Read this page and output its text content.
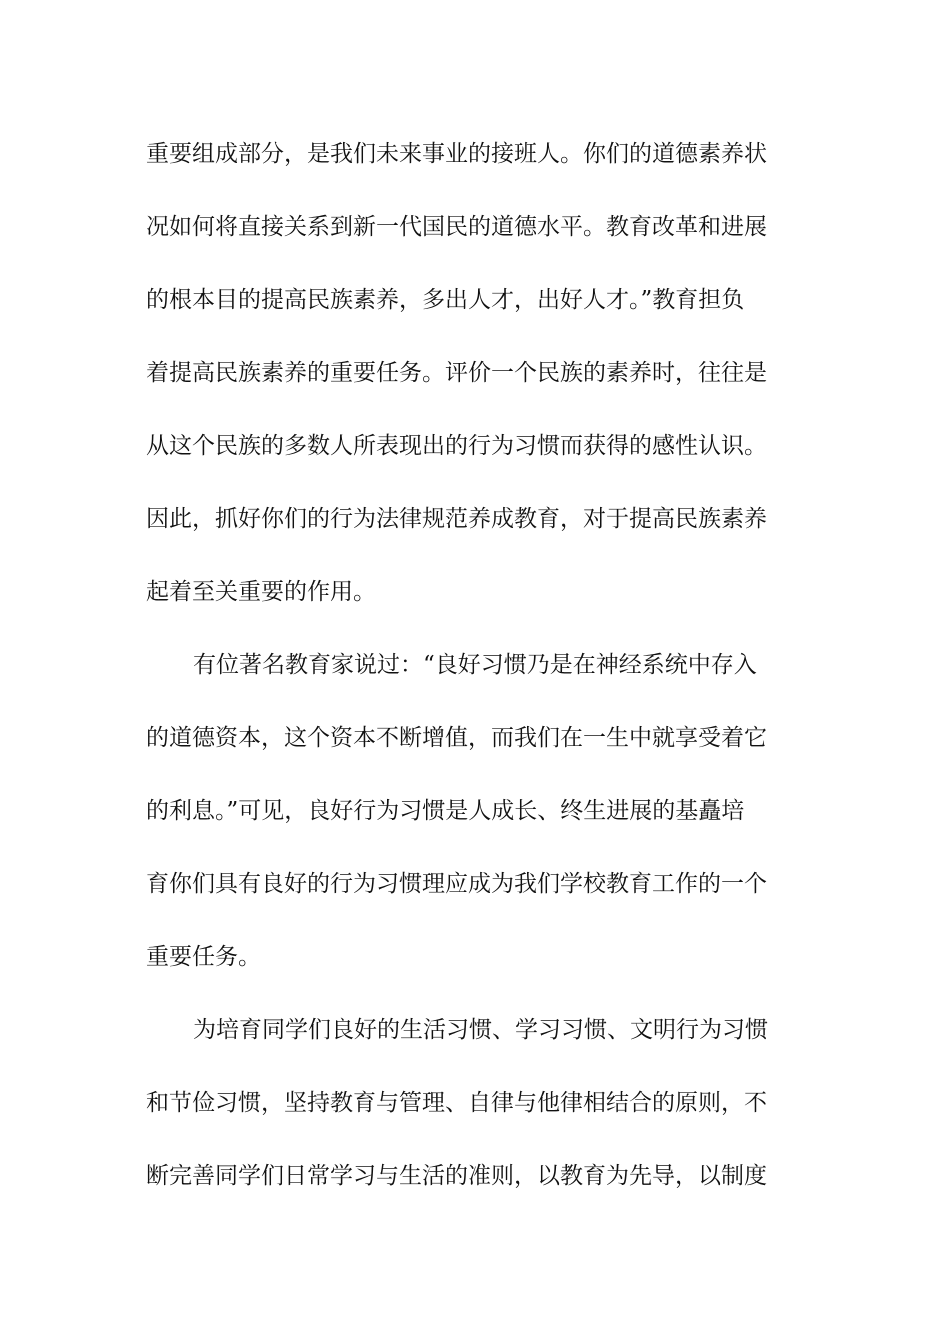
重要组成部分，是我们未来事业的接班人。你们的道德素养状
况如何将直接关系到新一代国民的道德水平。教育改革和进展
的根本目的提高民族素养，多出人才，出好人才。”教育担负
着提高民族素养的重要任务。评价一个民族的素养时，往往是
从这个民族的多数人所表现出的行为习惯而获得的感性认识。
因此，抓好你们的行为法律规范养成教育，对于提高民族素养
起着至关重要的作用。
有位著名教育家说过：“良好习惯乃是在神经系统中存入
的道德资本，这个资本不断增值，而我们在一生中就享受着它
的利息。”可见，良好行为习惯是人成长、终生进展的基矗培
育你们具有良好的行为习惯理应成为我们学校教育工作的一个
重要任务。
为培育同学们良好的生活习惯、学习习惯、文明行为习惯
和节俭习惯，坚持教育与管理、自律与他律相结合的原则，不
断完善同学们日常学习与生活的准则，以教育为先导，以制度
